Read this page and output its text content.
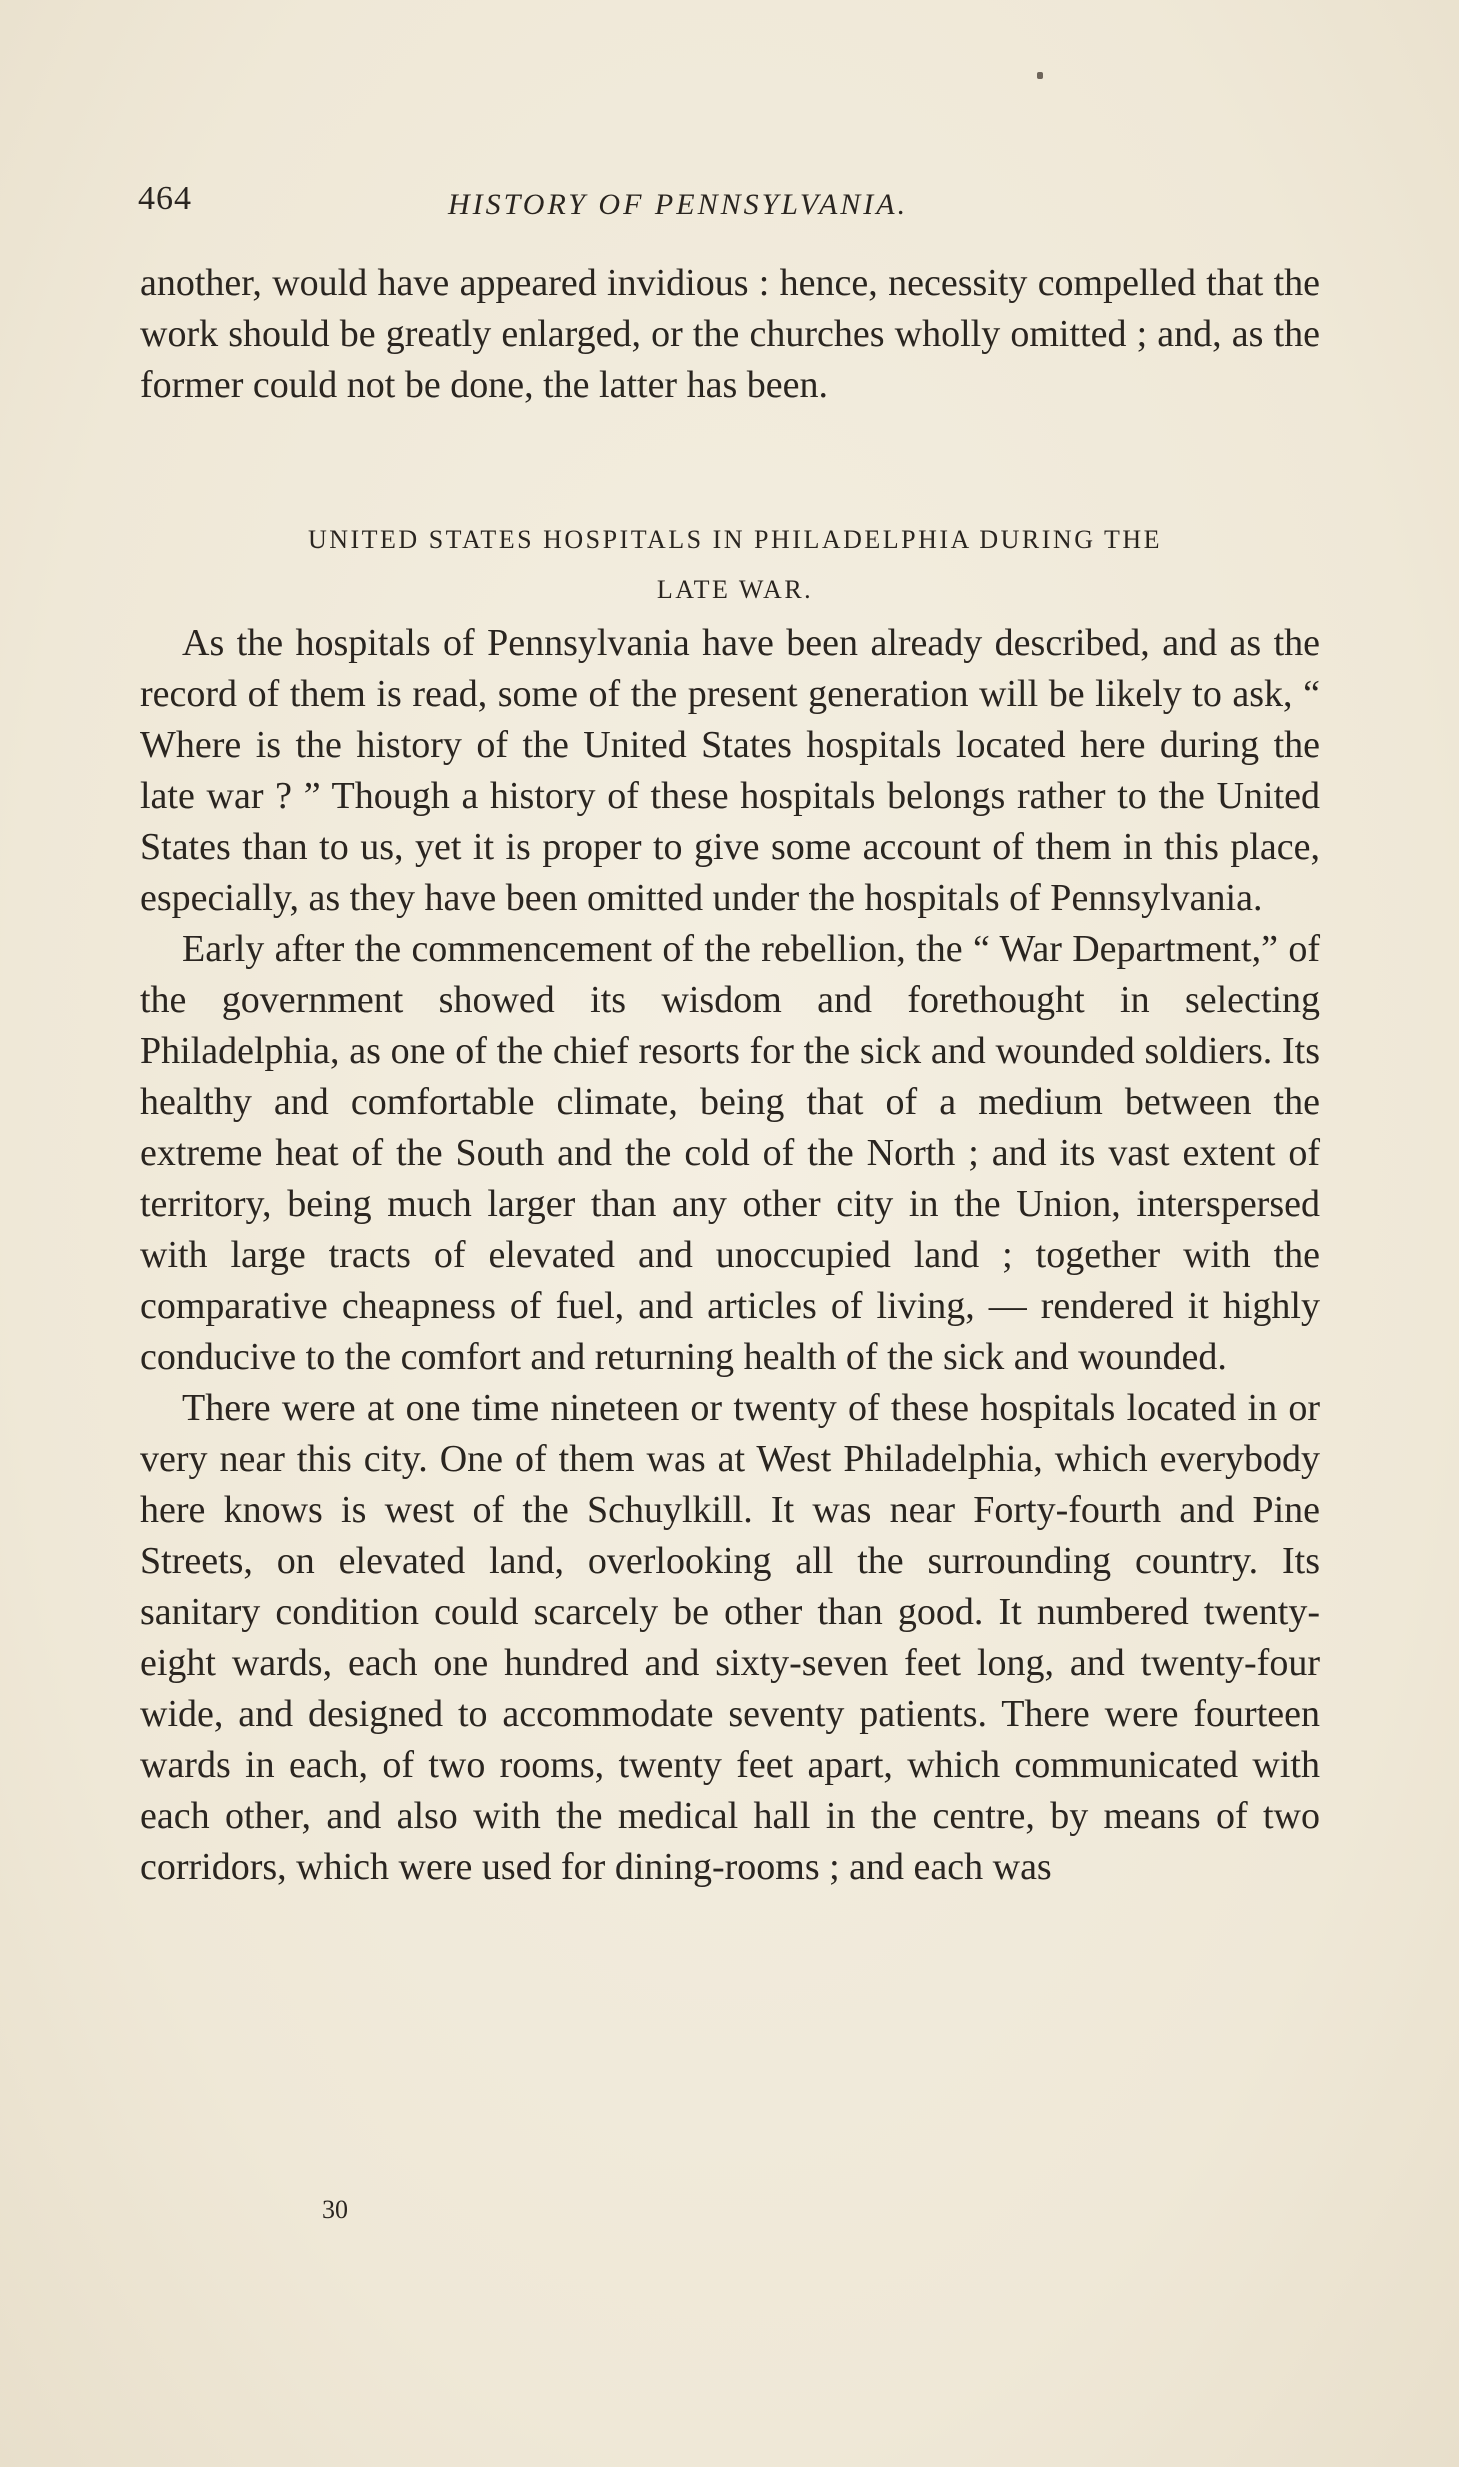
464	HISTORY OF PENNSYLVANIA.

another, would have appeared invidious : hence, necessity compelled that the work should be greatly enlarged, or the churches wholly omitted ; and, as the former could not be done, the latter has been.

UNITED STATES HOSPITALS IN PHILADELPHIA DURING THE
LATE WAR.

As the hospitals of Pennsylvania have been already described, and as the record of them is read, some of the present generation will be likely to ask, “ Where is the history of the United States hospitals located here during the late war ? ” Though a history of these hospitals belongs rather to the United States than to us, yet it is proper to give some account of them in this place, especially, as they have been omitted under the hospitals of Pennsylvania.

Early after the commencement of the rebellion, the “ War Department,” of the government showed its wisdom and forethought in selecting Philadelphia, as one of the chief resorts for the sick and wounded soldiers. Its healthy and comfortable climate, being that of a medium between the extreme heat of the South and the cold of the North ; and its vast extent of territory, being much larger than any other city in the Union, interspersed with large tracts of elevated and unoccupied land ; together with the comparative cheapness of fuel, and articles of living, — rendered it highly conducive to the comfort and returning health of the sick and wounded.

There were at one time nineteen or twenty of these hospitals located in or very near this city. One of them was at West Philadelphia, which everybody here knows is west of the Schuylkill. It was near Forty-fourth and Pine Streets, on elevated land, overlooking all the surrounding country. Its sanitary condition could scarcely be other than good. It numbered twenty-eight wards, each one hundred and sixty-seven feet long, and twenty-four wide, and designed to accommodate seventy patients. There were fourteen wards in each, of two rooms, twenty feet apart, which communicated with each other, and also with the medical hall in the centre, by means of two corridors, which were used for dining-rooms ; and each was

30
